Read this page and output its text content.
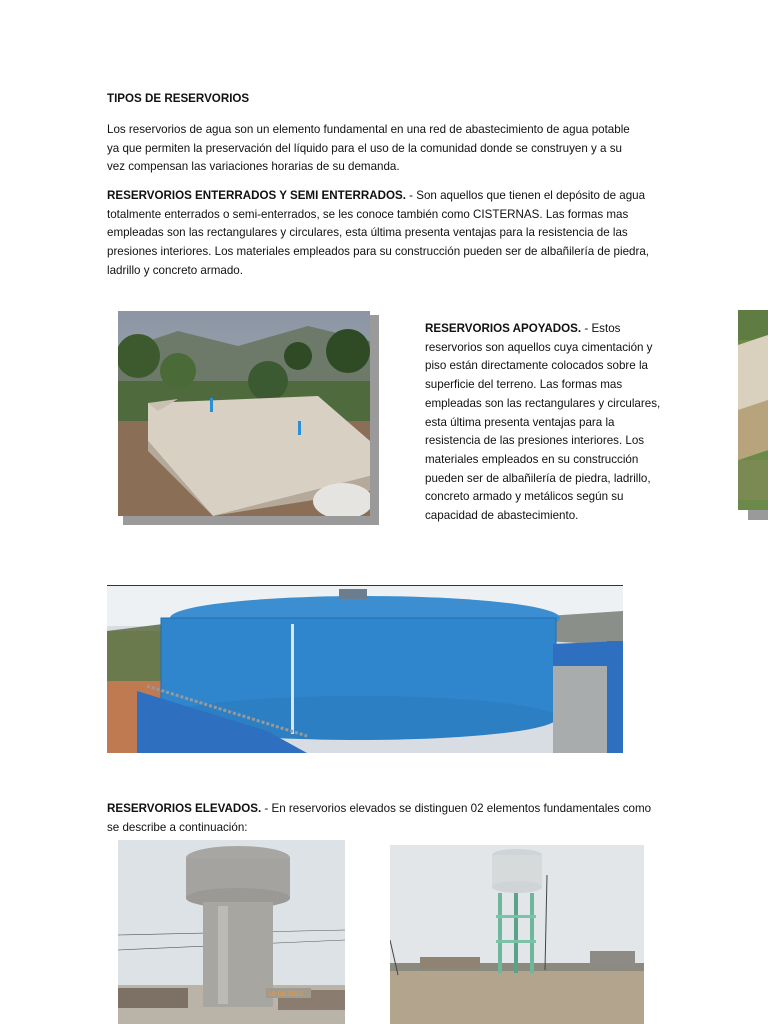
TIPOS DE RESERVORIOS
Los reservorios de agua son un elemento fundamental en una red de abastecimiento de agua potable ya que permiten la preservación del líquido para el uso de la comunidad donde se construyen y a su vez compensan las variaciones horarias de su demanda.
RESERVORIOS ENTERRADOS Y SEMI ENTERRADOS. - Son aquellos que tienen el depósito de agua totalmente enterrados o semi-enterrados, se les conoce también como CISTERNAS. Las formas mas empleadas son las rectangulares y circulares, esta última presenta ventajas para la resistencia de las presiones interiores. Los materiales empleados para su construcción pueden ser de albañilería de piedra, ladrillo y concreto armado.
RESERVORIOS APOYADOS. - Estos reservorios son aquellos cuya cimentación y piso están directamente colocados sobre la superficie del terreno. Las formas mas empleadas son las rectangulares y circulares, esta última presenta ventajas para la resistencia de las presiones interiores. Los materiales empleados en su construcción pueden ser de albañilería de piedra, ladrillo, concreto armado y metálicos según su capacidad de abastecimiento.
RESERVORIOS ELEVADOS. - En reservorios elevados se distinguen 02 elementos fundamentales como se describe a continuación:
19.06.2012
